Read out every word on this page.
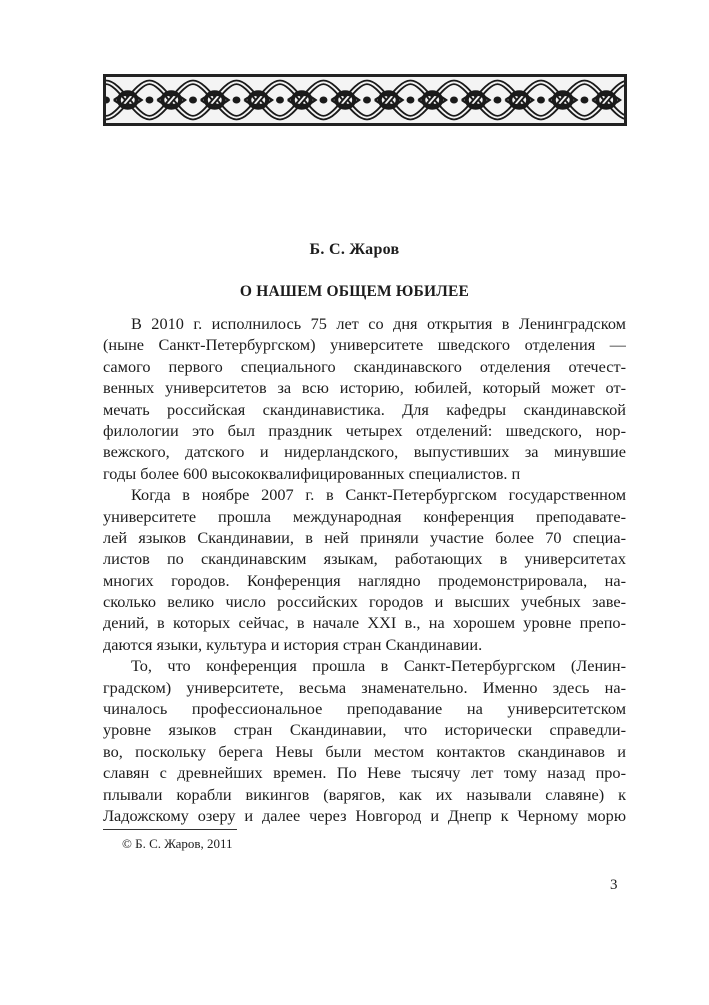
Б. С. Жаров
О НАШЕМ ОБЩЕМ ЮБИЛЕЕ
В 2010 г. исполнилось 75 лет со дня открытия в Ленинградском
(ныне Санкт-Петербургском) университете шведского отделения —
самого первого специального скандинавского отделения отечест-
венных университетов за всю историю, юбилей, который может от-
мечать российская скандинавистика. Для кафедры скандинавской
филологии это был праздник четырех отделений: шведского, нор-
вежского, датского и нидерландского, выпустивших за минувшие
годы более 600 высококвалифицированных специалистов. п
Когда в ноябре 2007 г. в Санкт-Петербургском государственном
университете прошла международная конференция преподавате-
лей языков Скандинавии, в ней приняли участие более 70 специа-
листов по скандинавским языкам, работающих в университетах
многих городов. Конференция наглядно продемонстрировала, на-
сколько велико число российских городов и высших учебных заве-
дений, в которых сейчас, в начале XXI в., на хорошем уровне препо-
даются языки, культура и история стран Скандинавии.
То, что конференция прошла в Санкт-Петербургском (Ленин-
градском) университете, весьма знаменательно. Именно здесь на-
чиналось профессиональное преподавание на университетском
уровне языков стран Скандинавии, что исторически справедли-
во, поскольку берега Невы были местом контактов скандинавов и
славян с древнейших времен. По Неве тысячу лет тому назад про-
плывали корабли викингов (варягов, как их называли славяне) к
Ладожскому озеру и далее через Новгород и Днепр к Черному морю
© Б. С. Жаров, 2011
3
